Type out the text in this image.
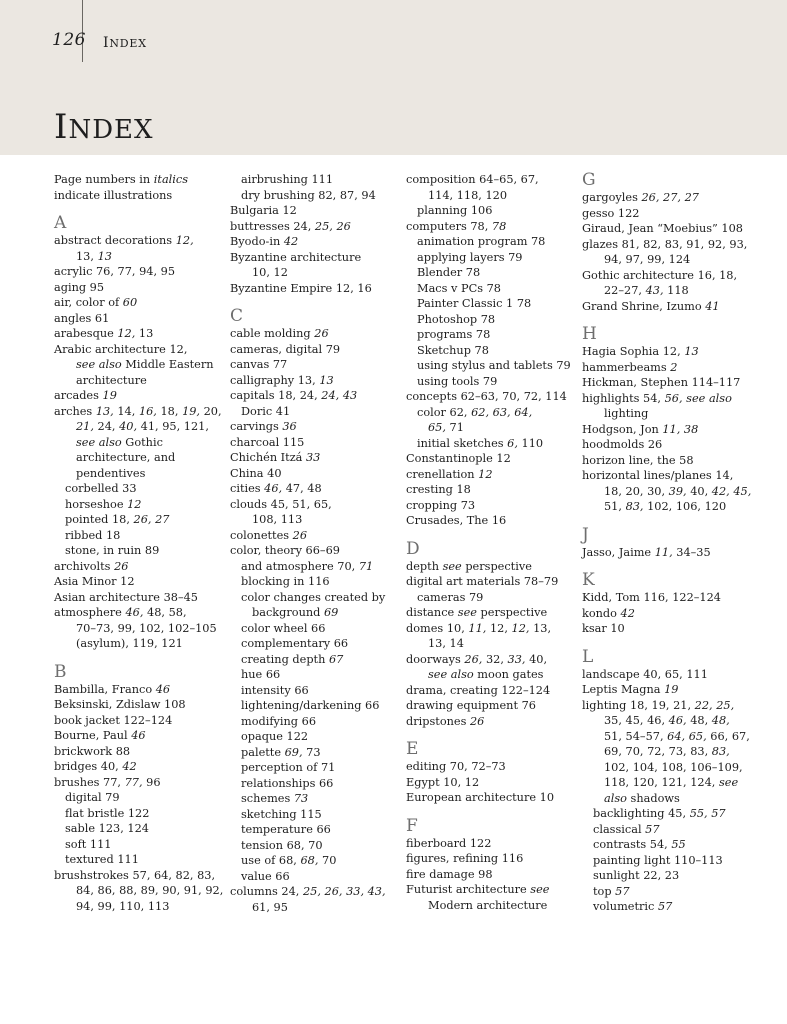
126 INDEX
INDEX
Page numbers in italics
indicate illustrations
A
abstract decorations 12,
13, 13
acrylic 76, 77, 94, 95
aging 95
air, color of 60
angles 61
arabesque 12, 13
Arabic architecture 12,
see also Middle Eastern
architecture
arcades 19
arches 13, 14, 16, 18, 19, 20,
21, 24, 40, 41, 95, 121,
see also Gothic
architecture, and
pendentives
corbelled 33
horseshoe 12
pointed 18, 26, 27
ribbed 18
stone, in ruin 89
archivolts 26
Asia Minor 12
Asian architecture 38–45
atmosphere 46, 48, 58,
70–73, 99, 102, 102–105
(asylum), 119, 121
B
Bambilla, Franco 46
Beksinski, Zdislaw 108
book jacket 122–124
Bourne, Paul 46
brickwork 88
bridges 40, 42
brushes 77, 77, 96
digital 79
flat bristle 122
sable 123, 124
soft 111
textured 111
brushstrokes 57, 64, 82, 83,
84, 86, 88, 89, 90, 91, 92,
94, 99, 110, 113
airbrushing 111
dry brushing 82, 87, 94
Bulgaria 12
buttresses 24, 25, 26
Byodo-in 42
Byzantine architecture
10, 12
Byzantine Empire 12, 16
C
cable molding 26
cameras, digital 79
canvas 77
calligraphy 13, 13
capitals 18, 24, 24, 43
Doric 41
carvings 36
charcoal 115
Chichén Itzá 33
China 40
cities 46, 47, 48
clouds 45, 51, 65,
108, 113
colonettes 26
color, theory 66–69
and atmosphere 70, 71
blocking in 116
color changes created by
background 69
color wheel 66
complementary 66
creating depth 67
hue 66
intensity 66
lightening/darkening 66
modifying 66
opaque 122
palette 69, 73
perception of 71
relationships 66
schemes 73
sketching 115
temperature 66
tension 68, 70
use of 68, 68, 70
value 66
columns 24, 25, 26, 33, 43,
61, 95
composition 64–65, 67,
114, 118, 120
planning 106
computers 78, 78
animation program 78
applying layers 79
Blender 78
Macs v PCs 78
Painter Classic 1 78
Photoshop 78
programs 78
Sketchup 78
using stylus and tablets 79
using tools 79
concepts 62–63, 70, 72, 114
color 62, 62, 63, 64,
65, 71
initial sketches 6, 110
Constantinople 12
crenellation 12
cresting 18
cropping 73
Crusades, The 16
D
depth see perspective
digital art materials 78–79
cameras 79
distance see perspective
domes 10, 11, 12, 12, 13,
13, 14
doorways 26, 32, 33, 40,
see also moon gates
drama, creating 122–124
drawing equipment 76
dripstones 26
E
editing 70, 72–73
Egypt 10, 12
European architecture 10
F
fiberboard 122
figures, refining 116
fire damage 98
Futurist architecture see
Modern architecture
G
gargoyles 26, 27, 27
gesso 122
Giraud, Jean “Moebius” 108
glazes 81, 82, 83, 91, 92, 93,
94, 97, 99, 124
Gothic architecture 16, 18,
22–27, 43, 118
Grand Shrine, Izumo 41
H
Hagia Sophia 12, 13
hammerbeams 2
Hickman, Stephen 114–117
highlights 54, 56, see also
lighting
Hodgson, Jon 11, 38
hoodmolds 26
horizon line, the 58
horizontal lines/planes 14,
18, 20, 30, 39, 40, 42, 45,
51, 83, 102, 106, 120
J
Jasso, Jaime 11, 34–35
K
Kidd, Tom 116, 122–124
kondo 42
ksar 10
L
landscape 40, 65, 111
Leptis Magna 19
lighting 18, 19, 21, 22, 25,
35, 45, 46, 46, 48, 48,
51, 54–57, 64, 65, 66, 67,
69, 70, 72, 73, 83, 83,
102, 104, 108, 106–109,
118, 120, 121, 124, see
also shadows
backlighting 45, 55, 57
classical 57
contrasts 54, 55
painting light 110–113
sunlight 22, 23
top 57
volumetric 57
